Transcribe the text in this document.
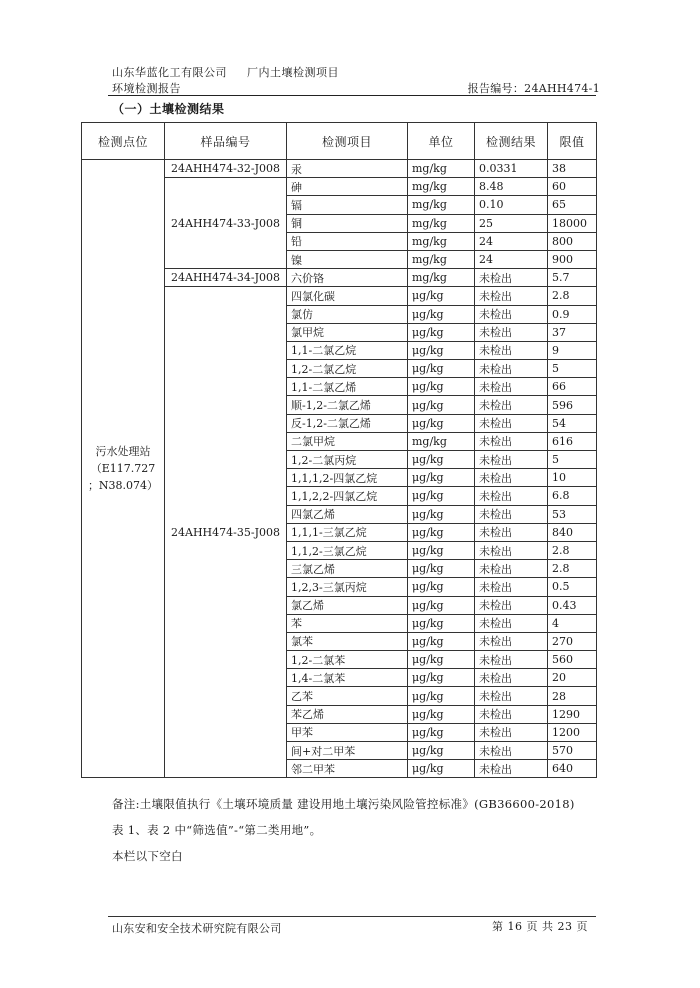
山东华蓝化工有限公司 厂内土壤检测项目
环境检测报告	报告编号：24AHH474-1
（一）土壤检测结果
检测点位	样品编号	检测项目	单位	检测结果	限值

污水处理站
（E117.727
；N38.074）	24AHH474-32-J008	汞	mg/kg	0.0331	38
	24AHH474-33-J008	砷	mg/kg	8.48	60
		镉	mg/kg	0.10	65
		铜	mg/kg	25	18000
		铅	mg/kg	24	800
		镍	mg/kg	24	900
	24AHH474-34-J008	六价铬	mg/kg	未检出	5.7
	24AHH474-35-J008	四氯化碳	μg/kg	未检出	2.8
		氯仿	μg/kg	未检出	0.9
		氯甲烷	μg/kg	未检出	37
		1,1-二氯乙烷	μg/kg	未检出	9
		1,2-二氯乙烷	μg/kg	未检出	5
		1,1-二氯乙烯	μg/kg	未检出	66
		顺-1,2-二氯乙烯	μg/kg	未检出	596
		反-1,2-二氯乙烯	μg/kg	未检出	54
		二氯甲烷	mg/kg	未检出	616
		1,2-二氯丙烷	μg/kg	未检出	5
		1,1,1,2-四氯乙烷	μg/kg	未检出	10
		1,1,2,2-四氯乙烷	μg/kg	未检出	6.8
		四氯乙烯	μg/kg	未检出	53
		1,1,1-三氯乙烷	μg/kg	未检出	840
		1,1,2-三氯乙烷	μg/kg	未检出	2.8
		三氯乙烯	μg/kg	未检出	2.8
		1,2,3-三氯丙烷	μg/kg	未检出	0.5
		氯乙烯	μg/kg	未检出	0.43
		苯	μg/kg	未检出	4
		氯苯	μg/kg	未检出	270
		1,2-二氯苯	μg/kg	未检出	560
		1,4-二氯苯	μg/kg	未检出	20
		乙苯	μg/kg	未检出	28
		苯乙烯	μg/kg	未检出	1290
		甲苯	μg/kg	未检出	1200
		间+对二甲苯	μg/kg	未检出	570
		邻二甲苯	μg/kg	未检出	640
备注:土壤限值执行《土壤环境质量 建设用地土壤污染风险管控标准》(GB36600-2018)
表 1、表 2 中“筛选值”-“第二类用地”。
本栏以下空白
山东安和安全技术研究院有限公司	第 16 页 共 23 页
